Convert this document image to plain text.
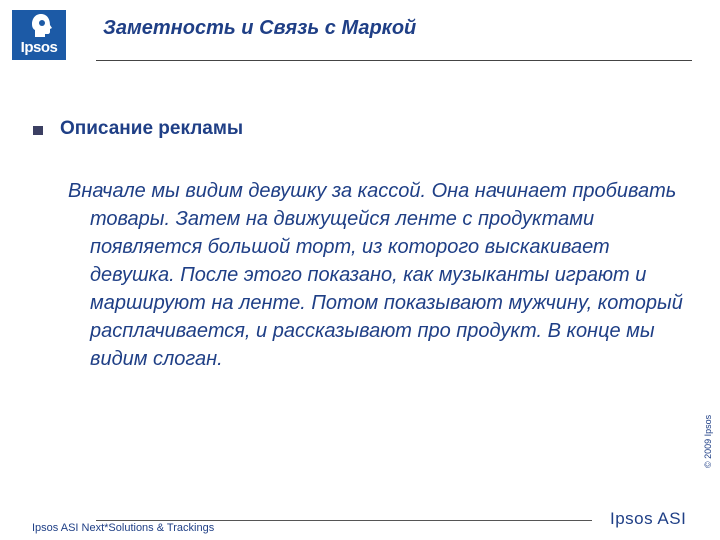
Ipsos
Заметность и Связь с Маркой
Описание рекламы
Вначале мы видим девушку за кассой. Она начинает пробивать товары. Затем на движущейся ленте с продуктами появляется большой торт, из которого выскакивает девушка. После этого показано, как музыканты играют и маршируют на ленте. Потом показывают мужчину, который расплачивается, и рассказывают про продукт. В конце мы видим слоган.
© 2009 Ipsos
Ipsos ASI Next*Solutions & Trackings	Ipsos ASI
